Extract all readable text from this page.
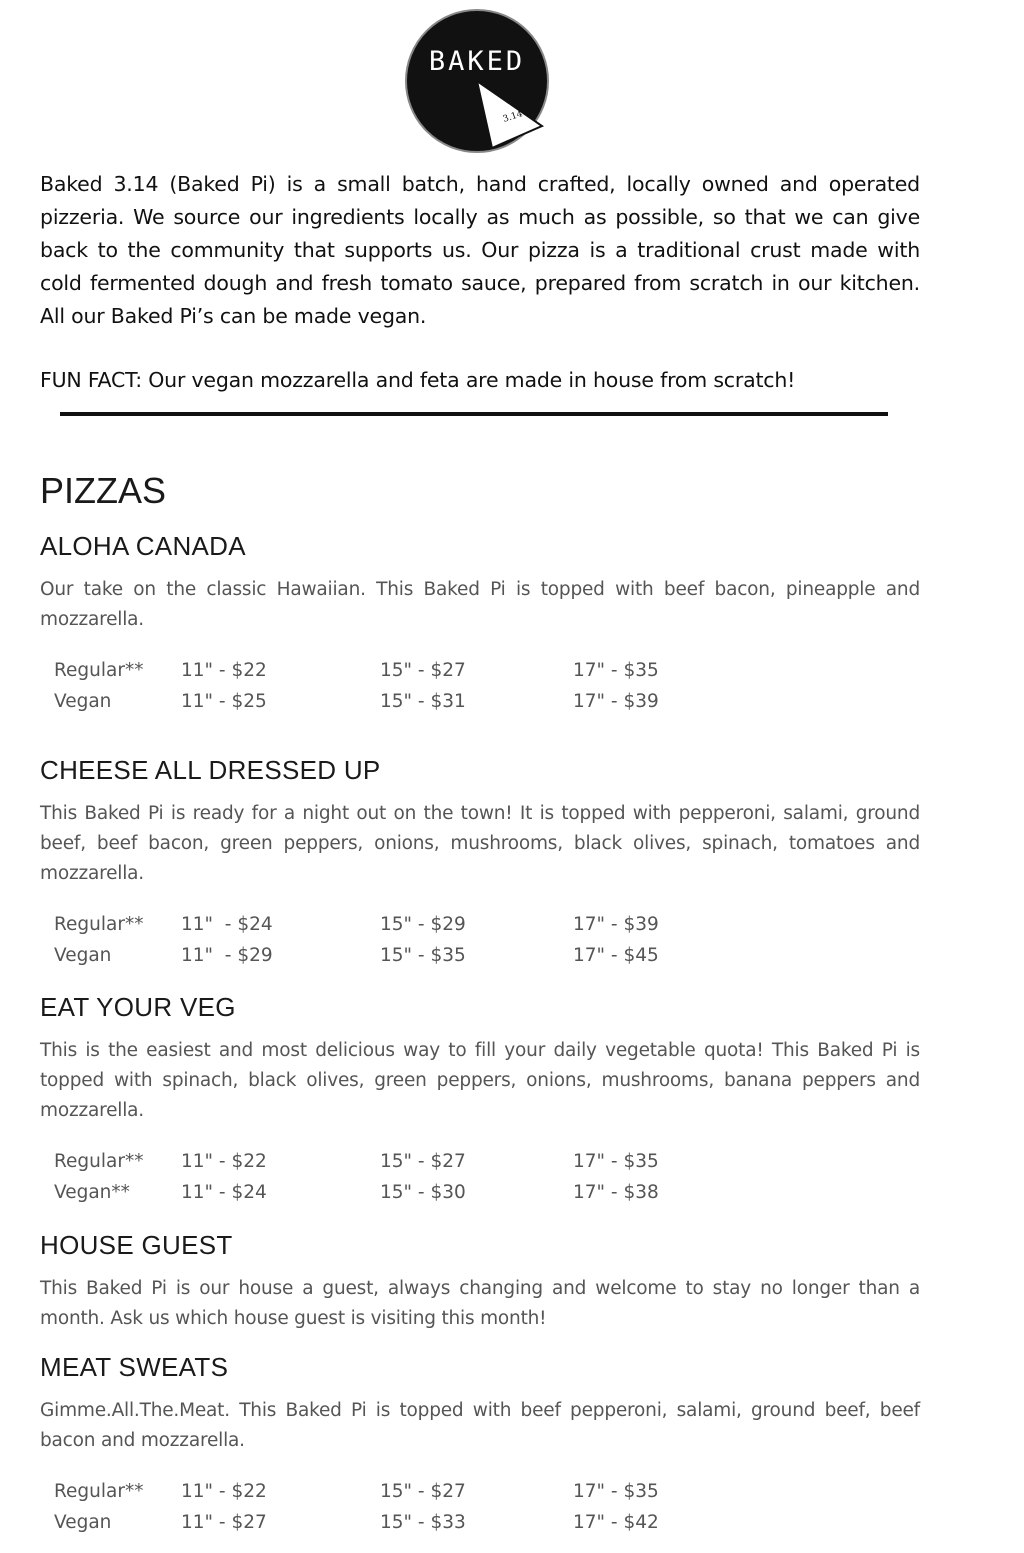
BAKED
3.14

Baked 3.14 (Baked Pi) is a small batch, hand crafted, locally owned and operated pizzeria. We source our ingredients locally as much as possible, so that we can give back to the community that supports us. Our pizza is a traditional crust made with cold fermented dough and fresh tomato sauce, prepared from scratch in our kitchen. All our Baked Pi’s can be made vegan.

FUN FACT: Our vegan mozzarella and feta are made in house from scratch!

PIZZAS
ALOHA CANADA
Our take on the classic Hawaiian. This Baked Pi is topped with beef bacon, pineapple and mozzarella.
Regular** 11" - $22	15" - $27	17" - $35
Vegan	11" - $25	15" - $31	17" - $39
CHEESE ALL DRESSED UP
This Baked Pi is ready for a night out on the town! It is topped with pepperoni, salami, ground beef, beef bacon, green peppers, onions, mushrooms, black olives, spinach, tomatoes and mozzarella.
Regular** 11"  - $24	15" - $29	17" - $39
Vegan	11"  - $29	15" - $35	17" - $45
EAT YOUR VEG
This is the easiest and most delicious way to fill your daily vegetable quota! This Baked Pi is topped with spinach, black olives, green peppers, onions, mushrooms, banana peppers and mozzarella.
Regular** 11" - $22	15" - $27	17" - $35
Vegan**	11" - $24	15" - $30	17" - $38
HOUSE GUEST
This Baked Pi is our house a guest, always changing and welcome to stay no longer than a month. Ask us which house guest is visiting this month!
MEAT SWEATS
Gimme.All.The.Meat. This Baked Pi is topped with beef pepperoni, salami, ground beef, beef bacon and mozzarella.
Regular** 11" - $22	15" - $27	17" - $35
Vegan	11" - $27	15" - $33	17" - $42
